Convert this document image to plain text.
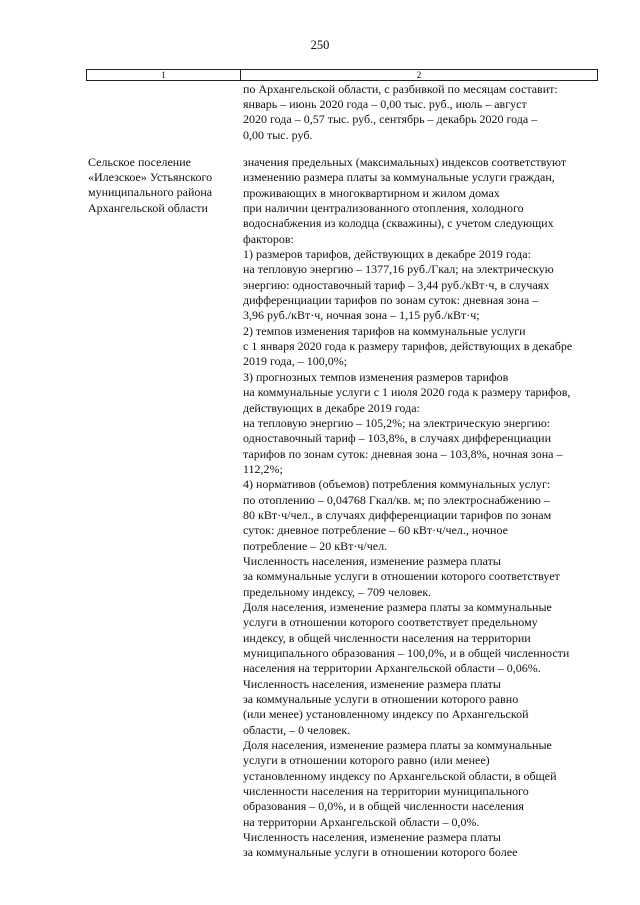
250
1	2
по Архангельской области, с разбивкой по месяцам составит:
январь – июнь 2020 года – 0,00 тыс. руб., июль – август
2020 года – 0,57 тыс. руб., сентябрь – декабрь 2020 года –
0,00 тыс. руб.
Сельское поселение
«Илезское» Устьянского
муниципального района
Архангельской области
значения предельных (максимальных) индексов соответствуют
изменению размера платы за коммунальные услуги граждан,
проживающих в многоквартирном и жилом домах
при наличии централизованного отопления, холодного
водоснабжения из колодца (скважины), с учетом следующих
факторов:
1) размеров тарифов, действующих в декабре 2019 года:
на тепловую энергию – 1377,16 руб./Гкал; на электрическую
энергию: одноставочный тариф – 3,44 руб./кВт·ч, в случаях
дифференциации тарифов по зонам суток: дневная зона –
3,96 руб./кВт·ч, ночная зона – 1,15 руб./кВт·ч;
2) темпов изменения тарифов на коммунальные услуги
с 1 января 2020 года к размеру тарифов, действующих в декабре
2019 года, – 100,0%;
3) прогнозных темпов изменения размеров тарифов
на коммунальные услуги с 1 июля 2020 года к размеру тарифов,
действующих в декабре 2019 года:
на тепловую энергию – 105,2%; на электрическую энергию:
одноставочный тариф – 103,8%, в случаях дифференциации
тарифов по зонам суток: дневная зона – 103,8%, ночная зона –
112,2%;
4) нормативов (объемов) потребления коммунальных услуг:
по отоплению – 0,04768 Гкал/кв. м; по электроснабжению –
80 кВт·ч/чел., в случаях дифференциации тарифов по зонам
суток: дневное потребление – 60 кВт·ч/чел., ночное
потребление – 20 кВт·ч/чел.
Численность населения, изменение размера платы
за коммунальные услуги в отношении которого соответствует
предельному индексу, – 709 человек.
Доля населения, изменение размера платы за коммунальные
услуги в отношении которого соответствует предельному
индексу, в общей численности населения на территории
муниципального образования – 100,0%, и в общей численности
населения на территории Архангельской области – 0,06%.
Численность населения, изменение размера платы
за коммунальные услуги в отношении которого равно
(или менее) установленному индексу по Архангельской
области, – 0 человек.
Доля населения, изменение размера платы за коммунальные
услуги в отношении которого равно (или менее)
установленному индексу по Архангельской области, в общей
численности населения на территории муниципального
образования – 0,0%, и в общей численности населения
на территории Архангельской области – 0,0%.
Численность населения, изменение размера платы
за коммунальные услуги в отношении которого более
